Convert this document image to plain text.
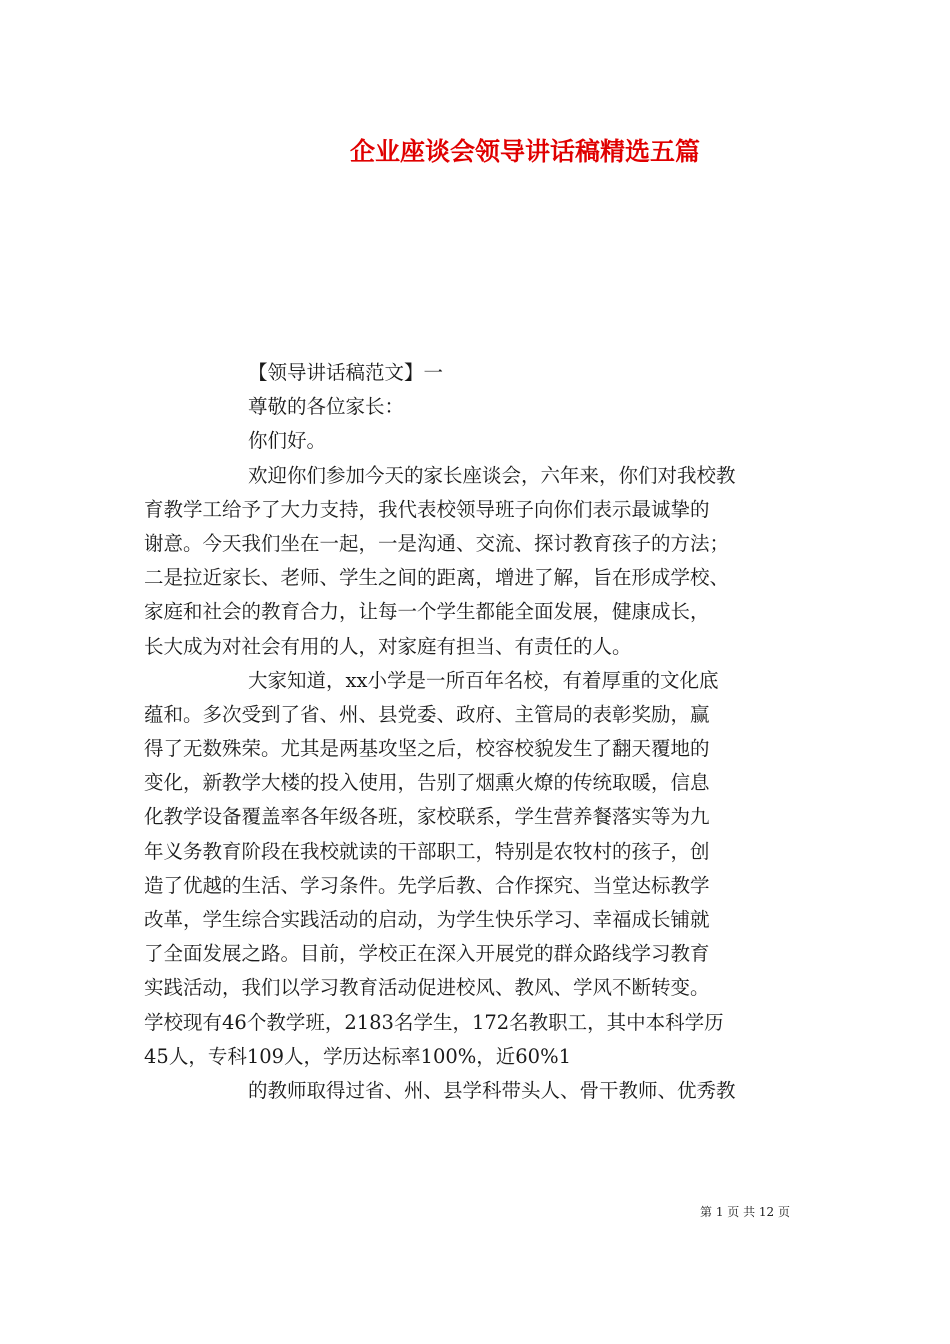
企业座谈会领导讲话稿精选五篇
【领导讲话稿范文】一
尊敬的各位家长：
你们好。
欢迎你们参加今天的家长座谈会，六年来，你们对我校教
育教学工给予了大力支持，我代表校领导班子向你们表示最诚挚的
谢意。今天我们坐在一起，一是沟通、交流、探讨教育孩子的方法；
二是拉近家长、老师、学生之间的距离，增进了解，旨在形成学校、
家庭和社会的教育合力，让每一个学生都能全面发展，健康成长，
长大成为对社会有用的人，对家庭有担当、有责任的人。
大家知道，xx小学是一所百年名校，有着厚重的文化底
蕴和。多次受到了省、州、县党委、政府、主管局的表彰奖励，赢
得了无数殊荣。尤其是两基攻坚之后，校容校貌发生了翻天覆地的
变化，新教学大楼的投入使用，告别了烟熏火燎的传统取暖，信息
化教学设备覆盖率各年级各班，家校联系，学生营养餐落实等为九
年义务教育阶段在我校就读的干部职工，特别是农牧村的孩子，创
造了优越的生活、学习条件。先学后教、合作探究、当堂达标教学
改革，学生综合实践活动的启动，为学生快乐学习、幸福成长铺就
了全面发展之路。目前，学校正在深入开展党的群众路线学习教育
实践活动，我们以学习教育活动促进校风、教风、学风不断转变。
学校现有46个教学班，2183名学生，172名教职工，其中本科学历
45人，专科109人，学历达标率100%，近60%1
的教师取得过省、州、县学科带头人、骨干教师、优秀教
第 1 页 共 12 页
